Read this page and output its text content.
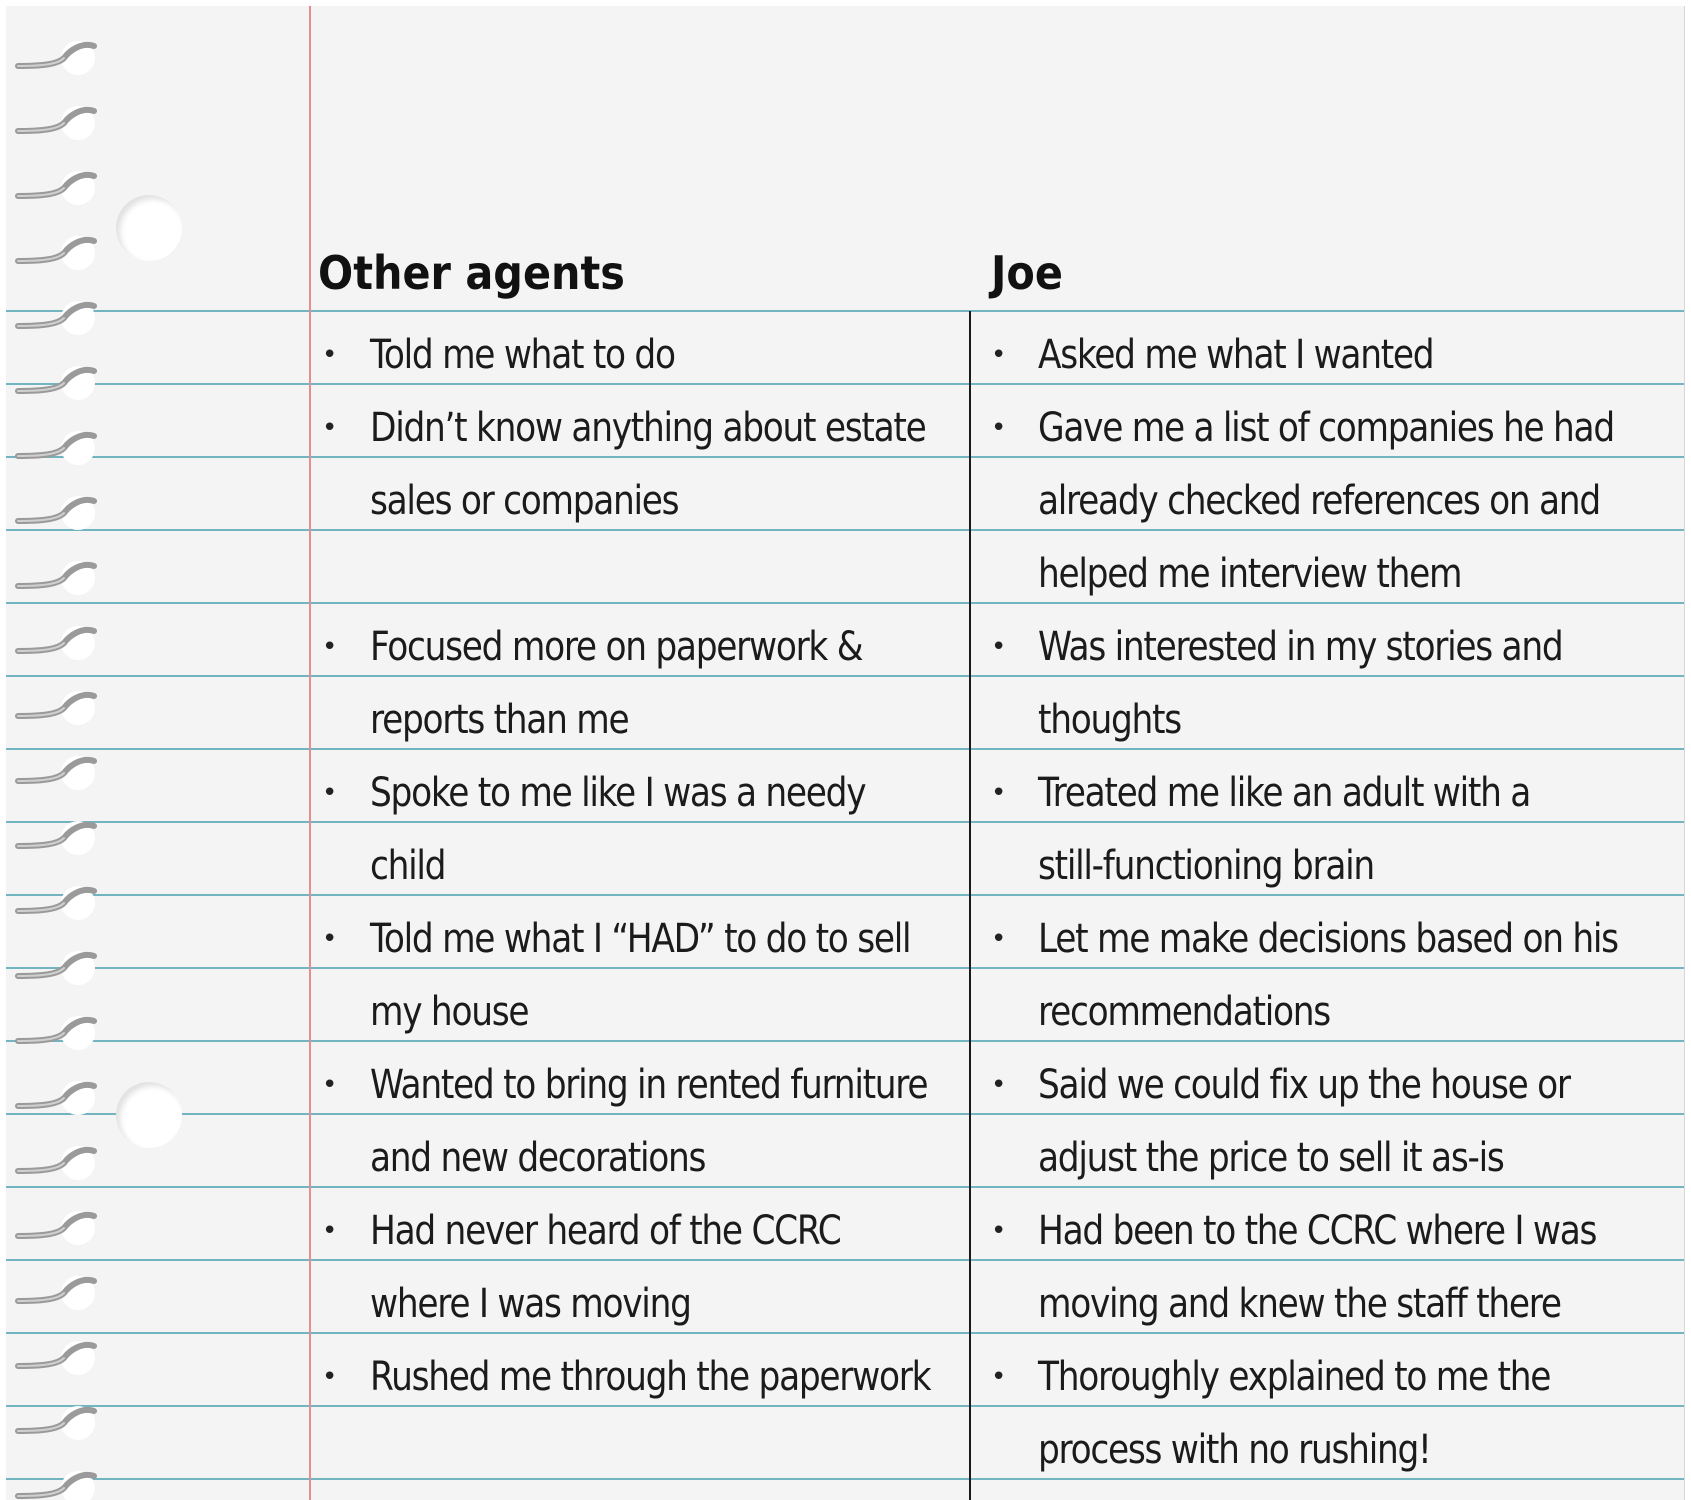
Other agents	Joe
• Told me what to do

• Didn’t know anything about estate sales or companies

• Focused more on paperwork & reports than me

• Spoke to me like I was a needy child

• Told me what I “HAD” to do to sell my house

• Wanted to bring in rented furniture and new decorations

• Had never heard of the CCRC where I was moving

• Rushed me through the paperwork

• Asked me what I wanted

• Gave me a list of companies he had already checked references on and helped me interview them

• Was interested in my stories and thoughts

• Treated me like an adult with a still-functioning brain

• Let me make decisions based on his recommendations

• Said we could fix up the house or adjust the price to sell it as-is

• Had been to the CCRC where I was moving and knew the staff there

• Thoroughly explained to me the process with no rushing!
